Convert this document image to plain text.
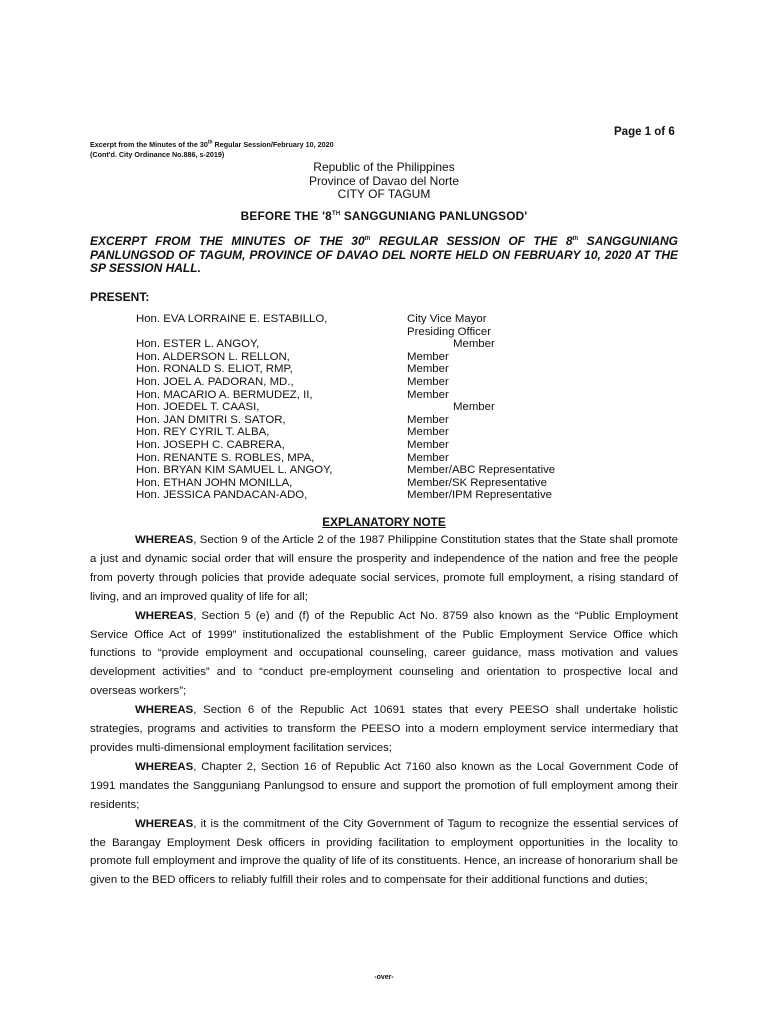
Page 1 of 6
Excerpt from the Minutes of the 30th Regular Session/February 10, 2020
(Cont'd. City Ordinance No.886, s-2019)
Republic of the Philippines
Province of Davao del Norte
CITY OF TAGUM
BEFORE THE '8TH SANGGUNIANG PANLUNGSOD'
EXCERPT FROM THE MINUTES OF THE 30th REGULAR SESSION OF THE 8th SANGGUNIANG PANLUNGSOD OF TAGUM, PROVINCE OF DAVAO DEL NORTE HELD ON FEBRUARY 10, 2020 AT THE SP SESSION HALL.
PRESENT:
Hon. EVA LORRAINE E. ESTABILLO,	City Vice Mayor
Presiding Officer
Hon. ESTER L. ANGOY,	Member
Hon. ALDERSON L. RELLON,	Member
Hon. RONALD S. ELIOT, RMP,	Member
Hon. JOEL A. PADORAN, MD.,	Member
Hon. MACARIO A. BERMUDEZ, II,	Member
Hon. JOEDEL T. CAASI,	Member
Hon. JAN DMITRI S. SATOR,	Member
Hon. REY CYRIL T. ALBA,	Member
Hon. JOSEPH C. CABRERA,	Member
Hon. RENANTE S. ROBLES, MPA,	Member
Hon. BRYAN KIM SAMUEL L. ANGOY,	Member/ABC Representative
Hon. ETHAN JOHN MONILLA,	Member/SK Representative
Hon. JESSICA PANDACAN-ADO,	Member/IPM Representative
EXPLANATORY NOTE

WHEREAS, Section 9 of the Article 2 of the 1987 Philippine Constitution states that the State shall promote a just and dynamic social order that will ensure the prosperity and independence of the nation and free the people from poverty through policies that provide adequate social services, promote full employment, a rising standard of living, and an improved quality of life for all;

WHEREAS, Section 5 (e) and (f) of the Republic Act No. 8759 also known as the “Public Employment Service Office Act of 1999” institutionalized the establishment of the Public Employment Service Office which functions to “provide employment and occupational counseling, career guidance, mass motivation and values development activities” and to “conduct pre-employment counseling and orientation to prospective local and overseas workers”;

WHEREAS, Section 6 of the Republic Act 10691 states that every PEESO shall undertake holistic strategies, programs and activities to transform the PEESO into a modern employment service intermediary that provides multi-dimensional employment facilitation services;

WHEREAS, Chapter 2, Section 16 of Republic Act 7160 also known as the Local Government Code of 1991 mandates the Sangguniang Panlungsod to ensure and support the promotion of full employment among their residents;

WHEREAS, it is the commitment of the City Government of Tagum to recognize the essential services of the Barangay Employment Desk officers in providing facilitation to employment opportunities in the locality to promote full employment and improve the quality of life of its constituents. Hence, an increase of honorarium shall be given to the BED officers to reliably fulfill their roles and to compensate for their additional functions and duties;

-over-
